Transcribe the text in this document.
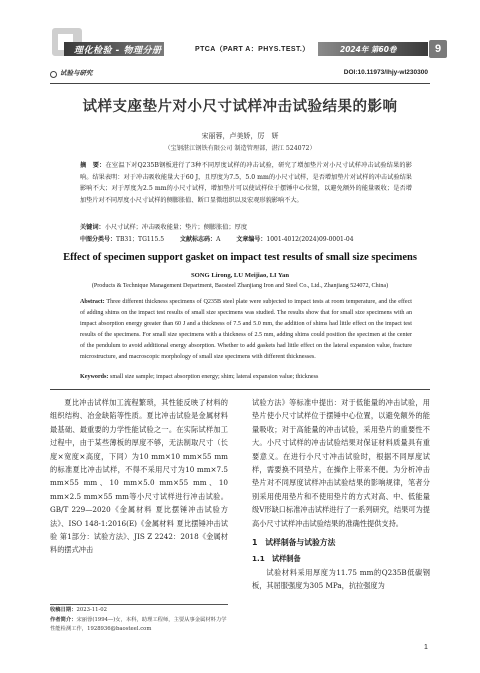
理化检验 - 物理分册	PTCA（PART A：PHYS.TEST.）	2024年 第60卷	9
试验与研究	DOI:10.11973/lhjy-wl230300
试样支座垫片对小尺寸试样冲击试验结果的影响
宋丽蓉，卢美娇，厉　妍
（宝钢湛江钢铁有限公司 制造管理部，湛江 524072）
摘　要：在室温下对Q235B钢板进行了3种不同厚度试样的冲击试验，研究了增加垫片对小尺寸试样冲击试验结果的影响。结果表明：对于冲击吸收能量大于60 J，且厚度为7.5，5.0 mm的小尺寸试样，是否增加垫片对试样的冲击试验结果影响不大；对于厚度为2.5 mm的小尺寸试样，增加垫片可以使试样位于摆锤中心位置，以避免额外的能量吸收；是否增加垫片对不同厚度小尺寸试样的侧膨胀值、断口显微组织以及宏观形貌影响不大。
关键词：小尺寸试样；冲击吸收能量；垫片；侧膨胀值；厚度
中图分类号：TB31；TG115.5	文献标志码：A	文章编号：1001-4012(2024)09-0001-04
Effect of specimen support gasket on impact test results of small size specimens
SONG Lirong, LU Meijiao, LI Yan
(Products & Technique Management Department, Baosteel Zhanjiang Iron and Steel Co., Ltd., Zhanjiang 524072, China)
Abstract: Three different thickness specimens of Q235B steel plate were subjected to impact tests at room temperature, and the effect of adding shims on the impact test results of small size specimens was studied. The results show that for small size specimens with an impact absorption energy greater than 60 J and a thickness of 7.5 and 5.0 mm, the addition of shims had little effect on the impact test results of the specimens. For small size specimens with a thickness of 2.5 mm, adding shims could position the specimen at the center of the pendulum to avoid additional energy absorption. Whether to add gaskets had little effect on the lateral expansion value, fracture microstructure, and macroscopic morphology of small size specimens with different thicknesses.
Keywords: small size sample; impact absorption energy; shim; lateral expansion value; thickness

夏比冲击试样加工流程繁琐，其性能反映了材料的组织结构、冶金缺陷等性质。夏比冲击试验是金属材料最基础、最重要的力学性能试验之一。在实际试样加工过程中，由于某些薄板的厚度不够，无法制取尺寸（长度×宽度×高度，下同）为10 mm×10 mm×55 mm的标准夏比冲击试样，不得不采用尺寸为10 mm×7.5 mm×55 mm、10 mm×5.0 mm×55 mm、10 mm×2.5 mm×55 mm等小尺寸试样进行冲击试验。GB/T 229—2020《金属材料 夏比摆锤冲击试验方法》、ISO 148-1:2016(E)《金属材料 夏比摆锤冲击试验 第1部分：试验方法》、JIS Z 2242：2018《金属材料的摆式冲击

收稿日期：2023-11-02
作者简介：宋丽蓉(1994—)女，本科，助理工程师，主要从事金属材料力学性能检测工作，1928936@baosteel.com

试验方法》等标准中提出：对于低能量的冲击试验，用垫片使小尺寸试样位于摆锤中心位置，以避免额外的能量吸收；对于高能量的冲击试验，采用垫片的重要性不大。小尺寸试样的冲击试验结果对保证材料质量具有重要意义。在进行小尺寸冲击试验时，根据不同厚度试样，需要换不同垫片，在操作上带来不便。为分析冲击垫片对不同厚度试样冲击试验结果的影响规律，笔者分别采用使用垫片和不使用垫片的方式对高、中、低能量级V形缺口标准冲击试样进行了一系列研究，结果可为提高小尺寸试样冲击试验结果的准确性提供支持。

1　试样制备与试验方法
1.1　试样制备

试验材料采用厚度为11.75 mm的Q235B低碳钢板，其屈服强度为305 MPa，抗拉强度为

1
